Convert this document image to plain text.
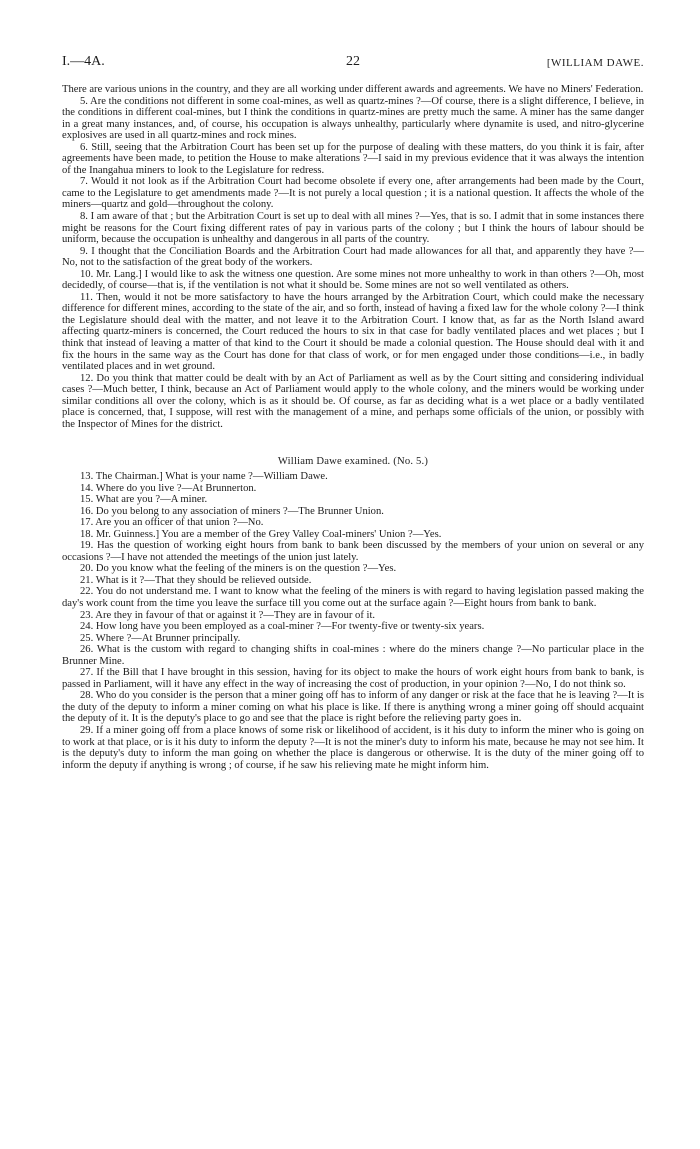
I.—4A.	22	[WILLIAM DAWE.

There are various unions in the country, and they are all working under different awards and agreements. We have no Miners' Federation.

5. Are the conditions not different in some coal-mines, as well as quartz-mines ?—Of course, there is a slight difference, I believe, in the conditions in different coal-mines, but I think the conditions in quartz-mines are pretty much the same. A miner has the same danger in a great many instances, and, of course, his occupation is always unhealthy, particularly where dynamite is used, and nitro-glycerine explosives are used in all quartz-mines and rock mines.

6. Still, seeing that the Arbitration Court has been set up for the purpose of dealing with these matters, do you think it is fair, after agreements have been made, to petition the House to make alterations ?—I said in my previous evidence that it was always the intention of the Inangahua miners to look to the Legislature for redress.

7. Would it not look as if the Arbitration Court had become obsolete if every one, after arrangements had been made by the Court, came to the Legislature to get amendments made ?—It is not purely a local question ; it is a national question. It affects the whole of the miners—quartz and gold—throughout the colony.

8. I am aware of that ; but the Arbitration Court is set up to deal with all mines ?—Yes, that is so. I admit that in some instances there might be reasons for the Court fixing different rates of pay in various parts of the colony ; but I think the hours of labour should be uniform, because the occupation is unhealthy and dangerous in all parts of the country.

9. I thought that the Conciliation Boards and the Arbitration Court had made allowances for all that, and apparently they have ?—No, not to the satisfaction of the great body of the workers.

10. Mr. Lang.] I would like to ask the witness one question. Are some mines not more unhealthy to work in than others ?—Oh, most decidedly, of course—that is, if the ventilation is not what it should be. Some mines are not so well ventilated as others.

11. Then, would it not be more satisfactory to have the hours arranged by the Arbitration Court, which could make the necessary difference for different mines, according to the state of the air, and so forth, instead of having a fixed law for the whole colony ?—I think the Legislature should deal with the matter, and not leave it to the Arbitration Court. I know that, as far as the North Island award affecting quartz-miners is concerned, the Court reduced the hours to six in that case for badly ventilated places and wet places ; but I think that instead of leaving a matter of that kind to the Court it should be made a colonial question. The House should deal with it and fix the hours in the same way as the Court has done for that class of work, or for men engaged under those conditions—i.e., in badly ventilated places and in wet ground.

12. Do you think that matter could be dealt with by an Act of Parliament as well as by the Court sitting and considering individual cases ?—Much better, I think, because an Act of Parliament would apply to the whole colony, and the miners would be working under similar conditions all over the colony, which is as it should be. Of course, as far as deciding what is a wet place or a badly ventilated place is concerned, that, I suppose, will rest with the management of a mine, and perhaps some officials of the union, or possibly with the Inspector of Mines for the district.

William Dawe examined. (No. 5.)

13. The Chairman.] What is your name ?—William Dawe.

14. Where do you live ?—At Brunnerton.

15. What are you ?—A miner.

16. Do you belong to any association of miners ?—The Brunner Union.

17. Are you an officer of that union ?—No.

18. Mr. Guinness.] You are a member of the Grey Valley Coal-miners' Union ?—Yes.

19. Has the question of working eight hours from bank to bank been discussed by the members of your union on several or any occasions ?—I have not attended the meetings of the union just lately.

20. Do you know what the feeling of the miners is on the question ?—Yes.

21. What is it ?—That they should be relieved outside.

22. You do not understand me. I want to know what the feeling of the miners is with regard to having legislation passed making the day's work count from the time you leave the surface till you come out at the surface again ?—Eight hours from bank to bank.

23. Are they in favour of that or against it ?—They are in favour of it.

24. How long have you been employed as a coal-miner ?—For twenty-five or twenty-six years.

25. Where ?—At Brunner principally.

26. What is the custom with regard to changing shifts in coal-mines : where do the miners change ?—No particular place in the Brunner Mine.

27. If the Bill that I have brought in this session, having for its object to make the hours of work eight hours from bank to bank, is passed in Parliament, will it have any effect in the way of increasing the cost of production, in your opinion ?—No, I do not think so.

28. Who do you consider is the person that a miner going off has to inform of any danger or risk at the face that he is leaving ?—It is the duty of the deputy to inform a miner coming on what his place is like. If there is anything wrong a miner going off should acquaint the deputy of it. It is the deputy's place to go and see that the place is right before the relieving party goes in.

29. If a miner going off from a place knows of some risk or likelihood of accident, is it his duty to inform the miner who is going on to work at that place, or is it his duty to inform the deputy ?—It is not the miner's duty to inform his mate, because he may not see him. It is the deputy's duty to inform the man going on whether the place is dangerous or otherwise. It is the duty of the miner going off to inform the deputy if anything is wrong ; of course, if he saw his relieving mate he might inform him.
